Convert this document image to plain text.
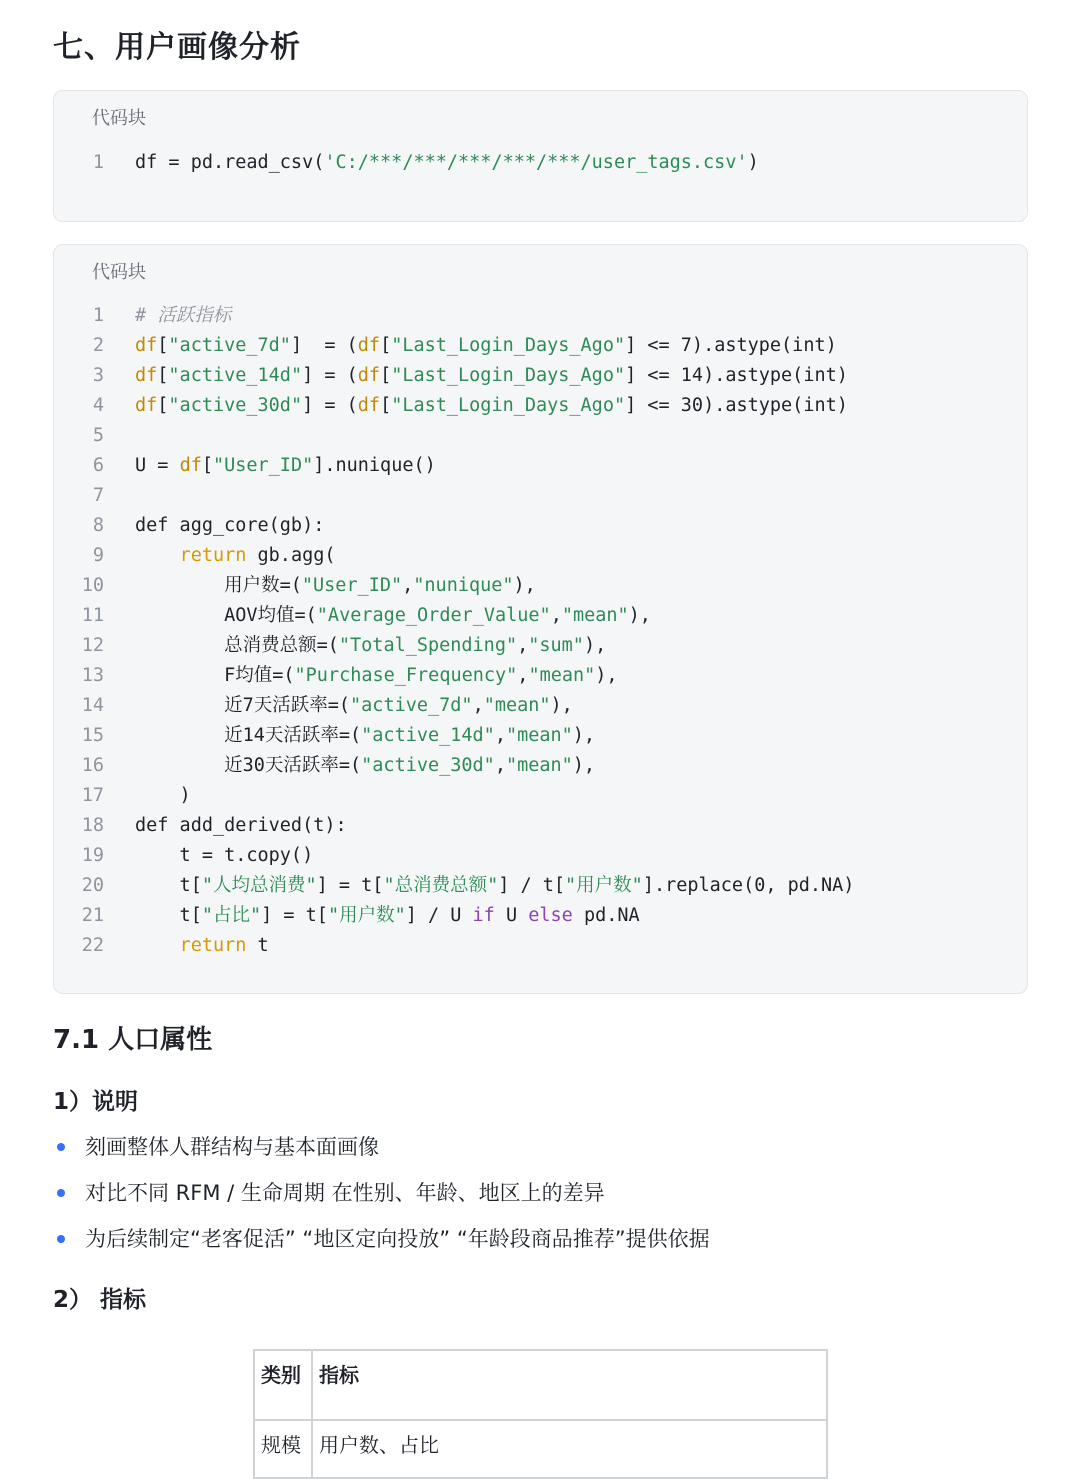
七、用户画像分析
代码块
1 df = pd.read_csv('C:/***/***/***/***/***/user_tags.csv')
代码块
1 # 活跃指标
2 df["active_7d"]  = (df["Last_Login_Days_Ago"] <= 7).astype(int)
3 df["active_14d"] = (df["Last_Login_Days_Ago"] <= 14).astype(int)
4 df["active_30d"] = (df["Last_Login_Days_Ago"] <= 30).astype(int)
5
6 U = df["User_ID"].nunique()
7
8 def agg_core(gb):
9	return gb.agg(
10 用户数=("User_ID","nunique"),
11 AOV均值=("Average_Order_Value","mean"),
12 总消费总额=("Total_Spending","sum"),
13 F均值=("Purchase_Frequency","mean"),
14 近7天活跃率=("active_7d","mean"),
15 近14天活跃率=("active_14d","mean"),
16 近30天活跃率=("active_30d","mean"),
17 )
18 def add_derived(t):
19 t = t.copy()
20 t["人均总消费"] = t["总消费总额"] / t["用户数"].replace(0, pd.NA)
21 t["占比"] = t["用户数"] / U if U else pd.NA
22	return t
7.1 人口属性
1）说明
刻画整体人群结构与基本面画像
对比不同 RFM / 生命周期 在性别、年龄、地区上的差异
为后续制定“老客促活” “地区定向投放” “年龄段商品推荐”提供依据
2） 指标
类别	指标
规模	用户数、占比
